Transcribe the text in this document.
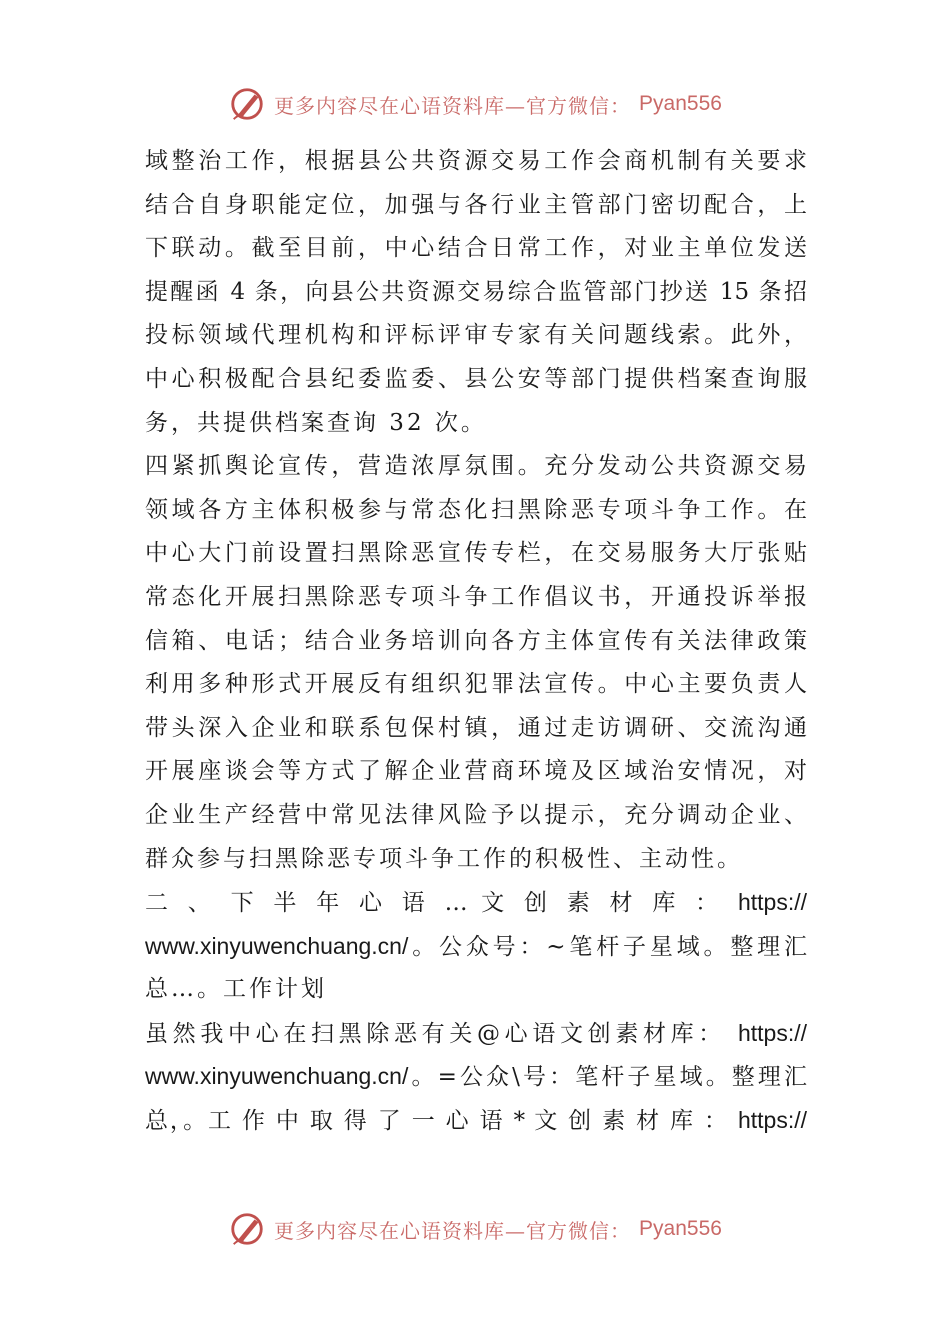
更多内容尽在心语资料库—官方微信： Pyan556
域整治工作，根据县公共资源交易工作会商机制有关要求
结合自身职能定位，加强与各行业主管部门密切配合，上
下联动。截至目前，中心结合日常工作，对业主单位发送
提醒函 4 条，向县公共资源交易综合监管部门抄送 15 条招
投标领域代理机构和评标评审专家有关问题线索。此外，
中心积极配合县纪委监委、县公安等部门提供档案查询服
务，共提供档案查询 32 次。
四紧抓舆论宣传，营造浓厚氛围。充分发动公共资源交易
领域各方主体积极参与常态化扫黑除恶专项斗争工作。在
中心大门前设置扫黑除恶宣传专栏，在交易服务大厅张贴
常态化开展扫黑除恶专项斗争工作倡议书，开通投诉举报
信箱、电话；结合业务培训向各方主体宣传有关法律政策
利用多种形式开展反有组织犯罪法宣传。中心主要负责人
带头深入企业和联系包保村镇，通过走访调研、交流沟通
开展座谈会等方式了解企业营商环境及区域治安情况，对
企业生产经营中常见法律风险予以提示，充分调动企业、
群众参与扫黑除恶专项斗争工作的积极性、主动性。
二 、 下 半 年 心 语 … 文 创 素 材 库 ： https://
www.xinyuwenchuang.cn/。公众号：~笔杆子星域。整理汇
总…。工作计划
虽然我中心在扫黑除恶有关@心语文创素材库： https://
www.xinyuwenchuang.cn/。=公众\号：笔杆子星域。整理汇
总，。工 作 中 取 得 了 一 心 语 * 文 创 素 材 库 ： https://
更多内容尽在心语资料库—官方微信： Pyan556
